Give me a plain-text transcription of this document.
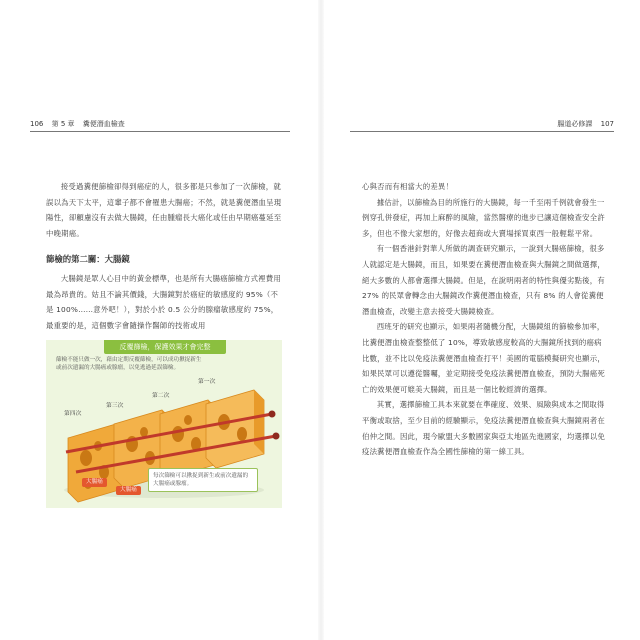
106 第 5 章 糞便潛血檢查	腸道必修課 107

接受過糞便篩檢卻得到癌症的人，很多都是只參加了一次篩檢，就誤以為天下太平，這輩子都不會罹患大腸癌；不然，就是糞便潛血呈現陽性，卻顧慮沒有去做大腸鏡，任由腫瘤長大癌化或任由早期癌蔓延至中晚期癌。

篩檢的第二關：大腸鏡

大腸鏡是眾人心目中的黃金標準，也是所有大腸癌篩檢方式裡費用最為昂貴的。姑且不論其價錢，大腸鏡對於癌症的敏感度約 95%（不是 100%……意外吧！），對於小於 0.5 公分的腺瘤敏感度約 75%，最重要的是，這個數字會隨操作醫師的技術或用

反覆篩檢，保護效果才會完整
篩檢不能只做一次，藉由定期反覆篩檢，可以成功揪捉新生或前次遺漏的大腸癌或腺瘤，以免逃過延誤篩檢。
第四次
第三次
第二次
第一次
大腸癌
大腸癌
每次篩檢可以揪捉到新生或前次遺漏的大腸癌或腺瘤。

心與否而有相當大的差異！

據估計，以篩檢為目的所施行的大腸鏡，每一千至兩千例就會發生一例穿孔併發症，再加上麻醉的風險，當然醫療的進步已讓這個檢查安全許多，但也不像大家想的，好像去超商或大賣場採買東西一般輕鬆平常。

有一個香港針對華人所做的調查研究顯示，一說到大腸癌篩檢，很多人就認定是大腸鏡，而且，如果要在糞便潛血檢查與大腸鏡之間做選擇，絕大多數的人都會選擇大腸鏡。但是，在說明兩者的特性與優劣點後，有 27% 的民眾會轉念由大腸鏡改作糞便潛血檢查，只有 8% 的人會從糞便潛血檢查，改變主意去接受大腸鏡檢查。

西班牙的研究也顯示，如果兩者隨機分配，大腸鏡組的篩檢參加率，比糞便潛血檢查整整低了 10%，導致敏感度較高的大腸鏡所找到的癌病比數，並不比以免疫法糞便潛血檢查打平！美國的電腦模擬研究也顯示，如果民眾可以遵從醫囑，並定期接受免疫法糞便潛血檢查，預防大腸癌死亡的效果便可媲美大腸鏡，而且是一個比較經濟的選擇。

其實，選擇篩檢工具本來就要在準確度、效果、風險與成本之間取得平衡或取捨，至少目前的經驗顯示，免疫法糞便潛血檢查與大腸鏡兩者在伯仲之間。因此，現今歐盟大多數國家與亞太地區先進國家，均選擇以免疫法糞便潛血檢查作為全國性篩檢的第一線工具。
